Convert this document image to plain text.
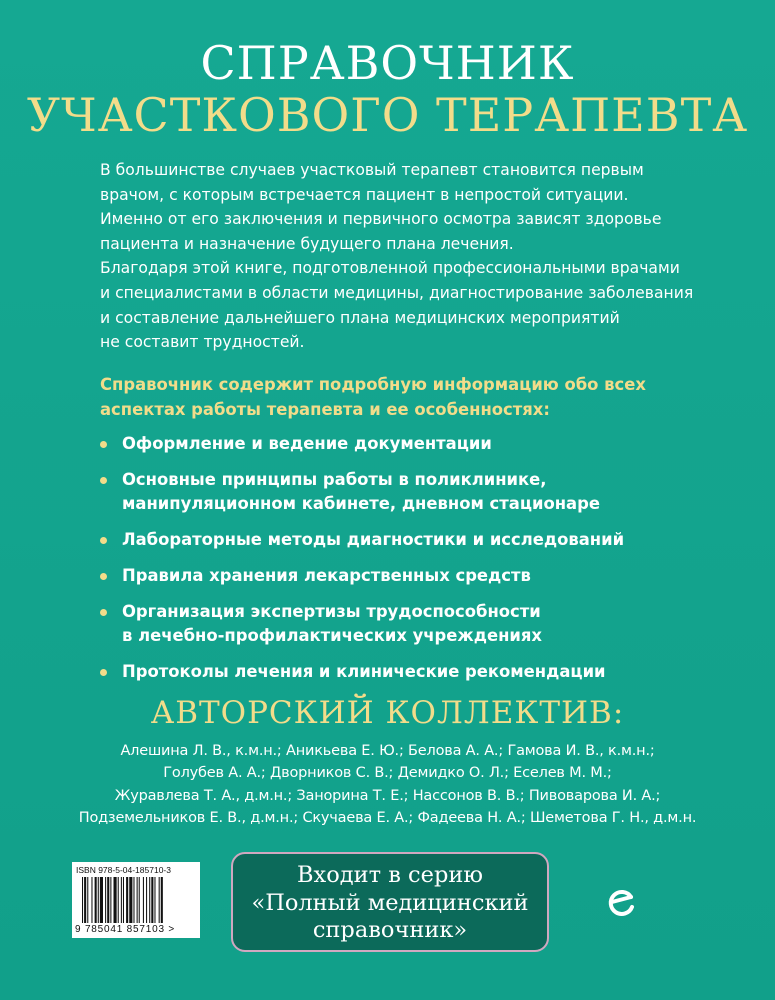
СПРАВОЧНИК
УЧАСТКОВОГО ТЕРАПЕВТА

В большинстве случаев участковый терапевт становится первым

врачом, с которым встречается пациент в непростой ситуации.

Именно от его заключения и первичного осмотра зависят здоровье

пациента и назначение будущего плана лечения.

Благодаря этой книге, подготовленной профессиональными врачами

и специалистами в области медицины, диагностирование заболевания

и составление дальнейшего плана медицинских мероприятий

не составит трудностей.

Справочник содержит подробную информацию обо всех

аспектах работы терапевта и ее особенностях:

Оформление и ведение документации
Основные принципы работы в поликлинике,
манипуляционном кабинете, дневном стационаре
Лабораторные методы диагностики и исследований
Правила хранения лекарственных средств
Организация экспертизы трудоспособности
в лечебно-профилактических учреждениях
Протоколы лечения и клинические рекомендации
АВТОРСКИЙ КОЛЛЕКТИВ:

Алешина Л. В., к.м.н.; Аникьева Е. Ю.; Белова А. А.; Гамова И. В., к.м.н.;

Голубев А. А.; Дворников С. В.; Демидко О. Л.; Еселев М. М.;

Журавлева Т. А., д.м.н.; Занорина Т. Е.; Нассонов В. В.; Пивоварова И. А.;

Подземельников Е. В., д.м.н.; Скучаева Е. А.; Фадеева Н. А.; Шеметова Г. Н., д.м.н.

ISBN 978-5-04-185710-3
9 785041 857103 >

Входит в серию

«Полный медицинский

справочник»
